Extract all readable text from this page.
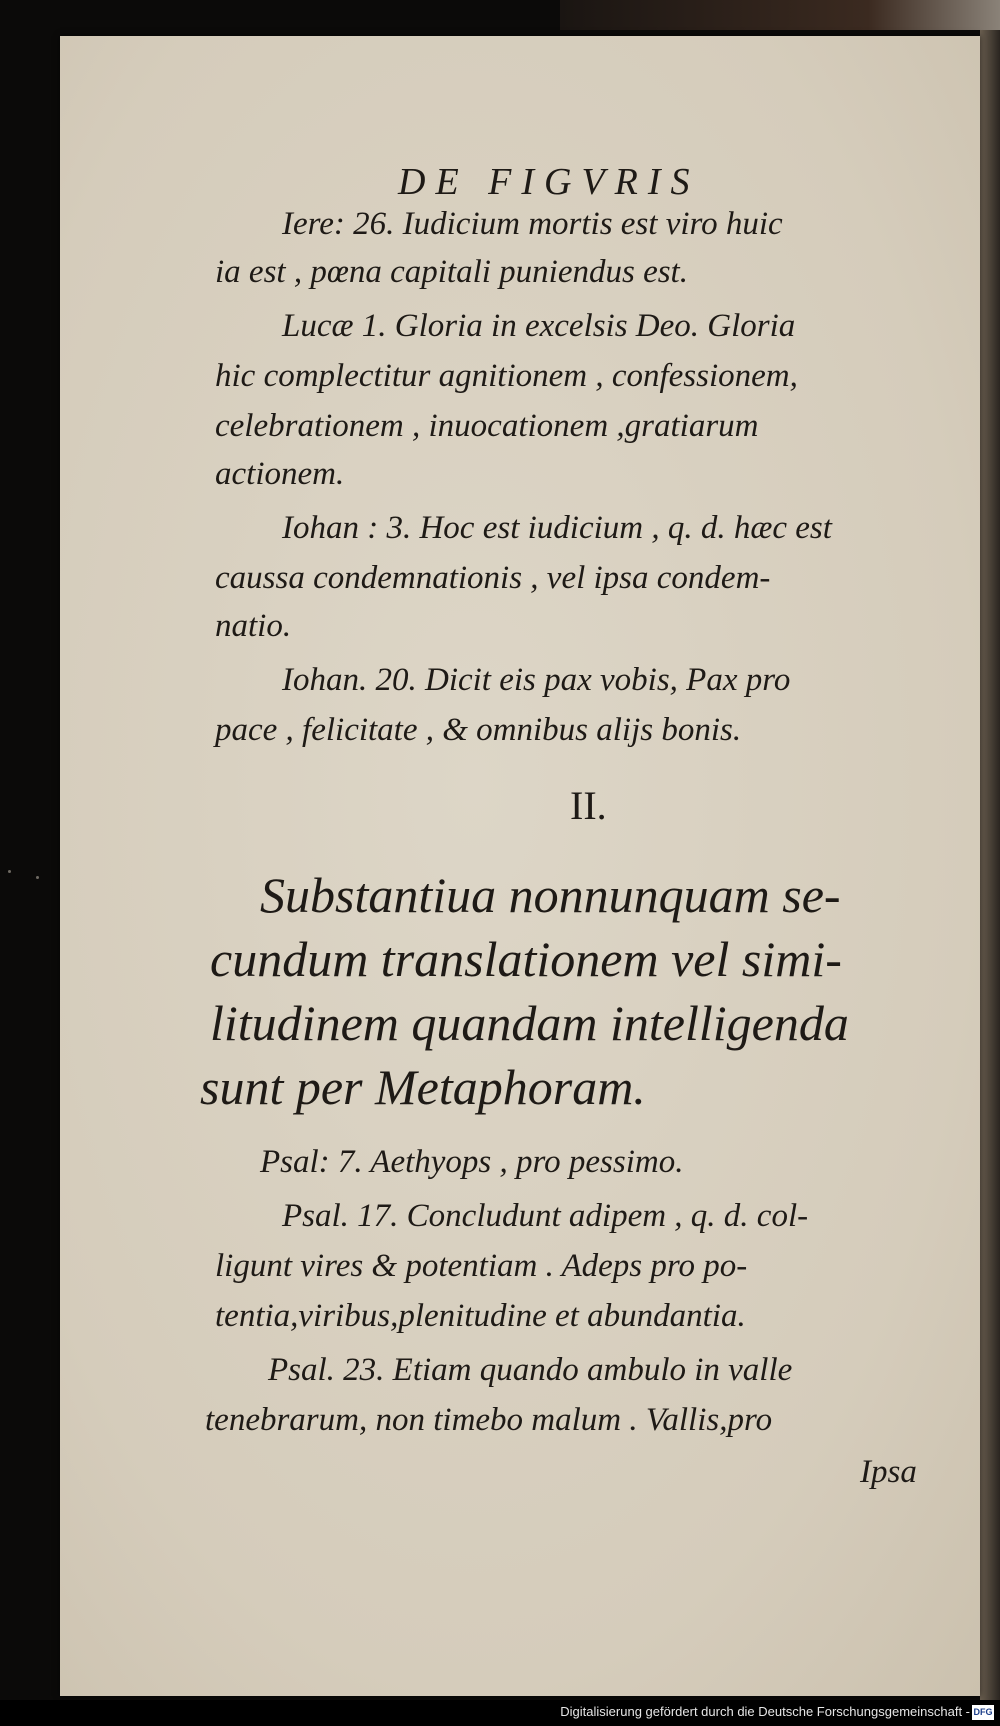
DE FIGVRIS
Iere: 26. Iudicium mortis est viro huic
ia est , pœna capitali puniendus est.
Lucæ 1. Gloria in excelsis Deo. Gloria
hic complectitur agnitionem , confessionem,
celebrationem , inuocationem ,gratiarum
actionem.
Iohan : 3. Hoc est iudicium , q. d. hæc est
caussa condemnationis , vel ipsa condem-
natio.
Iohan. 20. Dicit eis pax vobis, Pax pro
pace , felicitate , & omnibus alijs bonis.
II.
Substantiua nonnunquam se-
cundum translationem vel simi-
litudinem quandam intelligenda
sunt per Metaphoram.
Psal: 7. Aethyops , pro pessimo.
Psal. 17. Concludunt adipem , q. d. col-
ligunt vires & potentiam . Adeps pro po-
tentia,viribus,plenitudine et abundantia.
Psal. 23. Etiam quando ambulo in valle
tenebrarum, non timebo malum . Vallis,pro
Ipsa
Digitalisierung gefördert durch die Deutsche Forschungsgemeinschaft - DFG
